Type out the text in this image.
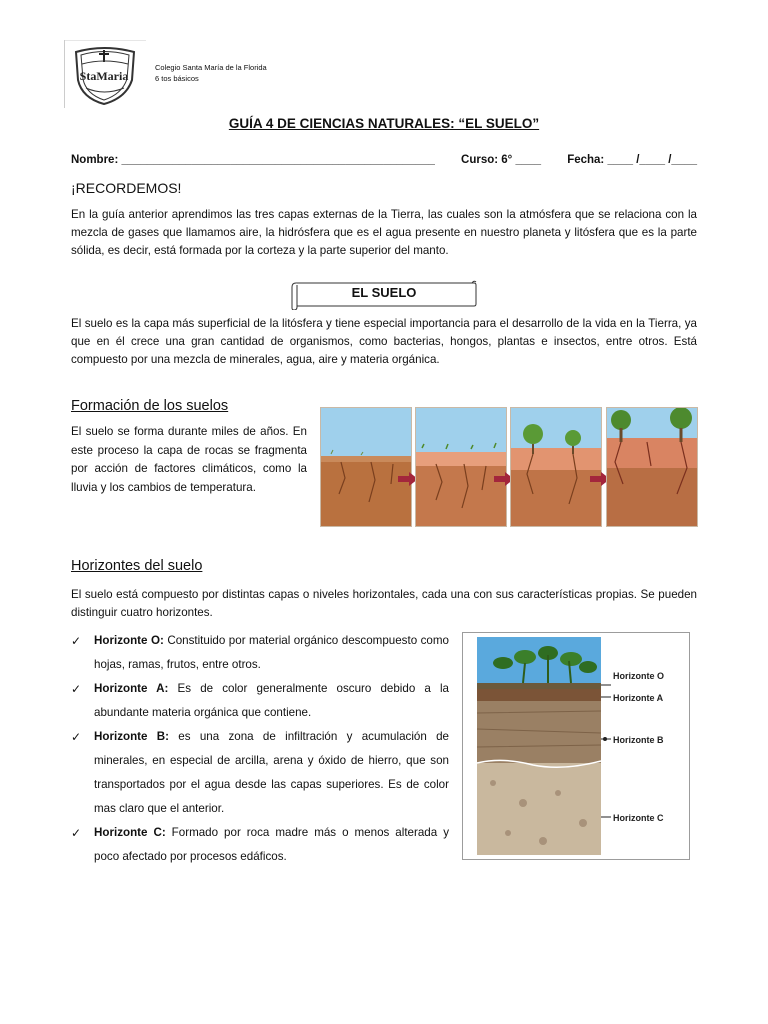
StaMaria
Colegio Santa María de la Florida
6 tos básicos
GUÍA 4 DE CIENCIAS NATURALES: “EL SUELO”
Nombre: _________________________________________________ Curso: 6° ____ Fecha: ____ /____ /____
¡RECORDEMOS!
En la guía anterior aprendimos las tres capas externas de la Tierra, las cuales son la atmósfera que se relaciona con la mezcla de gases que llamamos aire, la hidrósfera que es el agua presente en nuestro planeta y litósfera que es la parte sólida, es decir, está formada por la corteza y la parte superior del manto.
EL SUELO
El suelo es la capa más superficial de la litósfera y tiene especial importancia para el desarrollo de la vida en la Tierra, ya que en él crece una gran cantidad de organismos, como bacterias, hongos, plantas e insectos, entre otros. Está compuesto por una mezcla de minerales, agua, aire y materia orgánica.
Formación de los suelos
El suelo se forma durante miles de años. En este proceso la capa de rocas se fragmenta por acción de factores climáticos, como la lluvia y los cambios de temperatura.
Horizontes del suelo
El suelo está compuesto por distintas capas o niveles horizontales, cada una con sus características propias. Se pueden distinguir cuatro horizontes.
✓ Horizonte O: Constituido por material orgánico descompuesto como hojas, ramas, frutos, entre otros.
✓ Horizonte A: Es de color generalmente oscuro debido a la abundante materia orgánica que contiene.
✓ Horizonte B: es una zona de infiltración y acumulación de minerales, en especial de arcilla, arena y óxido de hierro, que son transportados por el agua desde las capas superiores. Es de color mas claro que el anterior.
✓ Horizonte C: Formado por roca madre más o menos alterada y poco afectado por procesos edáficos.
Horizonte O
Horizonte A
Horizonte B
Horizonte C
